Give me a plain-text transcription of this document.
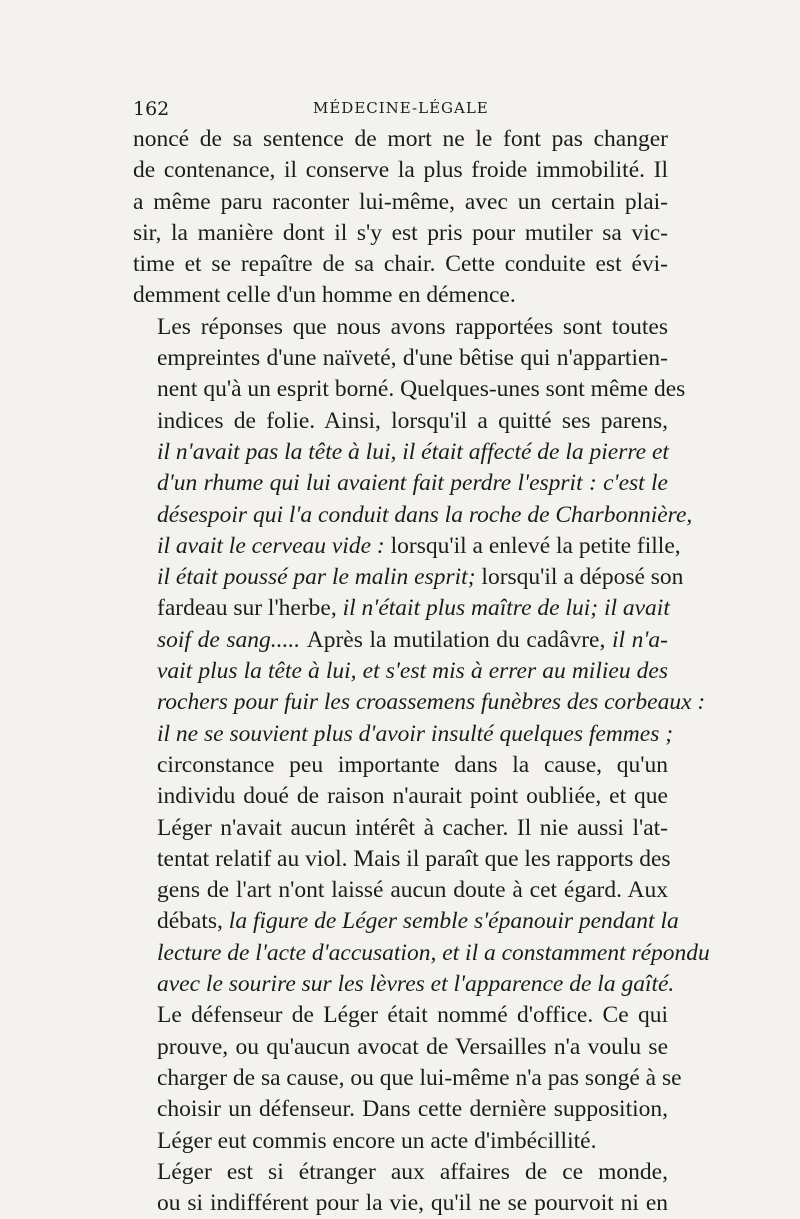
162	MÉDECINE-LÉGALE
noncé de sa sentence de mort ne le font pas changer
de contenance, il conserve la plus froide immobilité. Il
a même paru raconter lui-même, avec un certain plai-
sir, la manière dont il s'y est pris pour mutiler sa vic-
time et se repaître de sa chair. Cette conduite est évi-
demment celle d'un homme en démence.
Les réponses que nous avons rapportées sont toutes
empreintes d'une naïveté, d'une bêtise qui n'appartien-
nent qu'à un esprit borné. Quelques-unes sont même des
indices de folie. Ainsi, lorsqu'il a quitté ses parens,
il n'avait pas la tête à lui, il était affecté de la pierre et
d'un rhume qui lui avaient fait perdre l'esprit : c'est le
désespoir qui l'a conduit dans la roche de Charbonnière,
il avait le cerveau vide : lorsqu'il a enlevé la petite fille,
il était poussé par le malin esprit; lorsqu'il a déposé son
fardeau sur l'herbe, il n'était plus maître de lui; il avait
soif de sang..... Après la mutilation du cadâvre, il n'a-
vait plus la tête à lui, et s'est mis à errer au milieu des
rochers pour fuir les croassemens funèbres des corbeaux :
il ne se souvient plus d'avoir insulté quelques femmes ;
circonstance peu importante dans la cause, qu'un
individu doué de raison n'aurait point oubliée, et que
Léger n'avait aucun intérêt à cacher. Il nie aussi l'at-
tentat relatif au viol. Mais il paraît que les rapports des
gens de l'art n'ont laissé aucun doute à cet égard. Aux
débats, la figure de Léger semble s'épanouir pendant la
lecture de l'acte d'accusation, et il a constamment répondu
avec le sourire sur les lèvres et l'apparence de la gaîté.
Le défenseur de Léger était nommé d'office. Ce qui
prouve, ou qu'aucun avocat de Versailles n'a voulu se
charger de sa cause, ou que lui-même n'a pas songé à se
choisir un défenseur. Dans cette dernière supposition,
Léger eut commis encore un acte d'imbécillité.
Léger est si étranger aux affaires de ce monde,
ou si indifférent pour la vie, qu'il ne se pourvoit ni en
